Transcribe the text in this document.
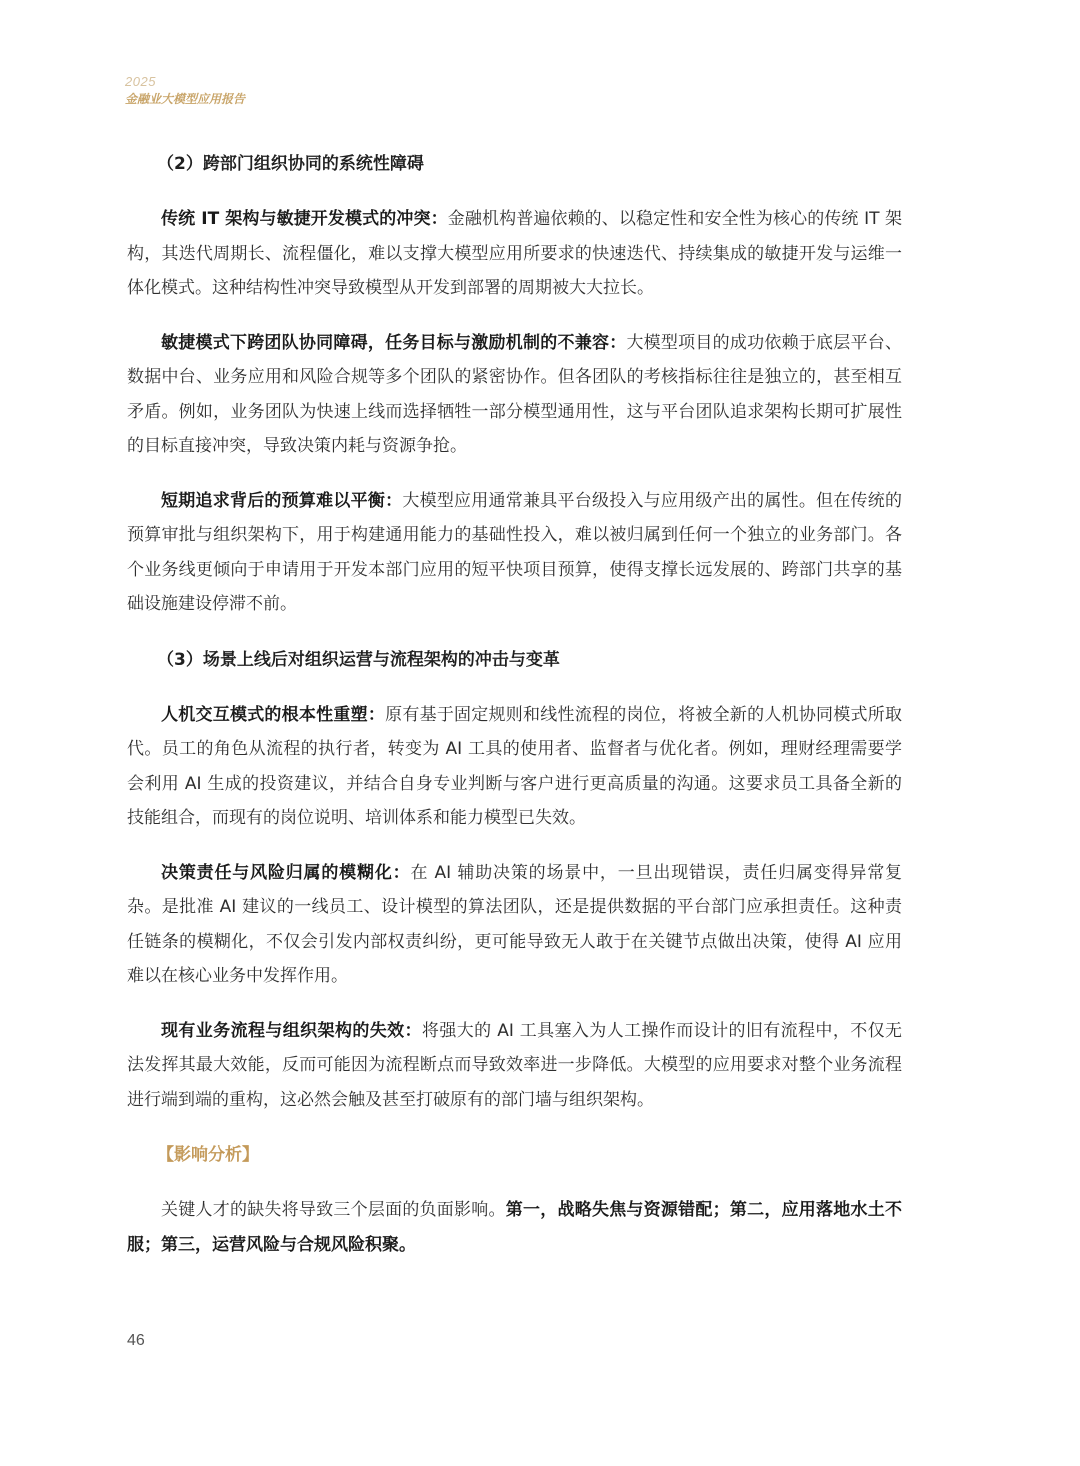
2025
金融业大模型应用报告

（2）跨部门组织协同的系统性障碍

传统 IT 架构与敏捷开发模式的冲突：金融机构普遍依赖的、以稳定性和安全性为核心的传统 IT 架构，其迭代周期长、流程僵化，难以支撑大模型应用所要求的快速迭代、持续集成的敏捷开发与运维一体化模式。这种结构性冲突导致模型从开发到部署的周期被大大拉长。

敏捷模式下跨团队协同障碍，任务目标与激励机制的不兼容：大模型项目的成功依赖于底层平台、数据中台、业务应用和风险合规等多个团队的紧密协作。但各团队的考核指标往往是独立的，甚至相互矛盾。例如，业务团队为快速上线而选择牺牲一部分模型通用性，这与平台团队追求架构长期可扩展性的目标直接冲突，导致决策内耗与资源争抢。

短期追求背后的预算难以平衡：大模型应用通常兼具平台级投入与应用级产出的属性。但在传统的预算审批与组织架构下，用于构建通用能力的基础性投入，难以被归属到任何一个独立的业务部门。各个业务线更倾向于申请用于开发本部门应用的短平快项目预算，使得支撑长远发展的、跨部门共享的基础设施建设停滞不前。

（3）场景上线后对组织运营与流程架构的冲击与变革

人机交互模式的根本性重塑：原有基于固定规则和线性流程的岗位，将被全新的人机协同模式所取代。员工的角色从流程的执行者，转变为 AI 工具的使用者、监督者与优化者。例如，理财经理需要学会利用 AI 生成的投资建议，并结合自身专业判断与客户进行更高质量的沟通。这要求员工具备全新的技能组合，而现有的岗位说明、培训体系和能力模型已失效。

决策责任与风险归属的模糊化：在 AI 辅助决策的场景中，一旦出现错误，责任归属变得异常复杂。是批准 AI 建议的一线员工、设计模型的算法团队，还是提供数据的平台部门应承担责任。这种责任链条的模糊化，不仅会引发内部权责纠纷，更可能导致无人敢于在关键节点做出决策，使得 AI 应用难以在核心业务中发挥作用。

现有业务流程与组织架构的失效：将强大的 AI 工具塞入为人工操作而设计的旧有流程中，不仅无法发挥其最大效能，反而可能因为流程断点而导致效率进一步降低。大模型的应用要求对整个业务流程进行端到端的重构，这必然会触及甚至打破原有的部门墙与组织架构。

【影响分析】

关键人才的缺失将导致三个层面的负面影响。第一，战略失焦与资源错配；第二，应用落地水土不服；第三，运营风险与合规风险积聚。

46
